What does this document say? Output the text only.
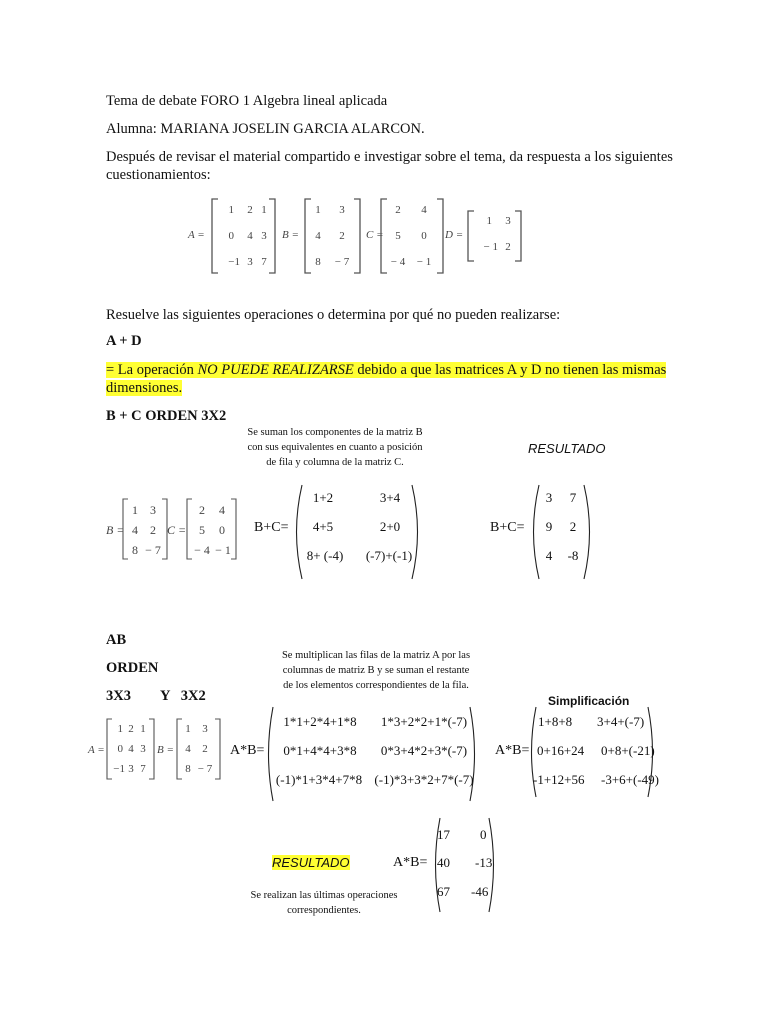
Tema de debate FORO 1 Algebra lineal aplicada
Alumna: MARIANA JOSELIN GARCIA ALARCON.
Después de revisar el material compartido e investigar sobre el tema, da respuesta a los siguientes
cuestionamientos:
A =
1 2 1
0 4 3
−1 3 7
B =
1	3
4	2
8	− 7
C =
2	4
5	0
− 4	− 1
D =
1	3
− 1 2
Resuelve las siguientes operaciones o determina por qué no pueden realizarse:
A + D
= La operación NO PUEDE REALIZARSE debido a que las matrices A y D no tienen las mismas
dimensiones.
B + C ORDEN 3X2
Se suman los componentes de la matriz B
con sus equivalentes en cuanto a posición
de fila y columna de la matriz C.
RESULTADO
B =
1	3
4	2
8 − 7
C =
2	4
5	0
− 4 − 1
B+C=
1+2	3+4
4+5	2+0
8+ (-4)	(-7)+(-1)
B+C=
3	7
9	2
4	-8
AB
ORDEN
3X3 Y   3X2
Se multiplican las filas de la matriz A por las
columnas de matriz B y se suman el restante
de los elementos correspondientes de la fila.
Simplificación
A =
1 2 1
0 4 3
−1 3 7
B =
1	3
4	2
8 − 7
A*B=
1*1+2*4+1*8	1*3+2*2+1*(-7)
0*1+4*4+3*8	0*3+4*2+3*(-7)
(-1)*1+3*4+7*8 (-1)*3+3*2+7*(-7)
A*B=
1+8+8 3+4+(-7)
0+16+24 0+8+(-21)
-1+12+56 -3+6+(-49)
RESULTADO	A*B=
17 0
40 -13
67 -46
Se realizan las últimas operaciones
correspondientes.
